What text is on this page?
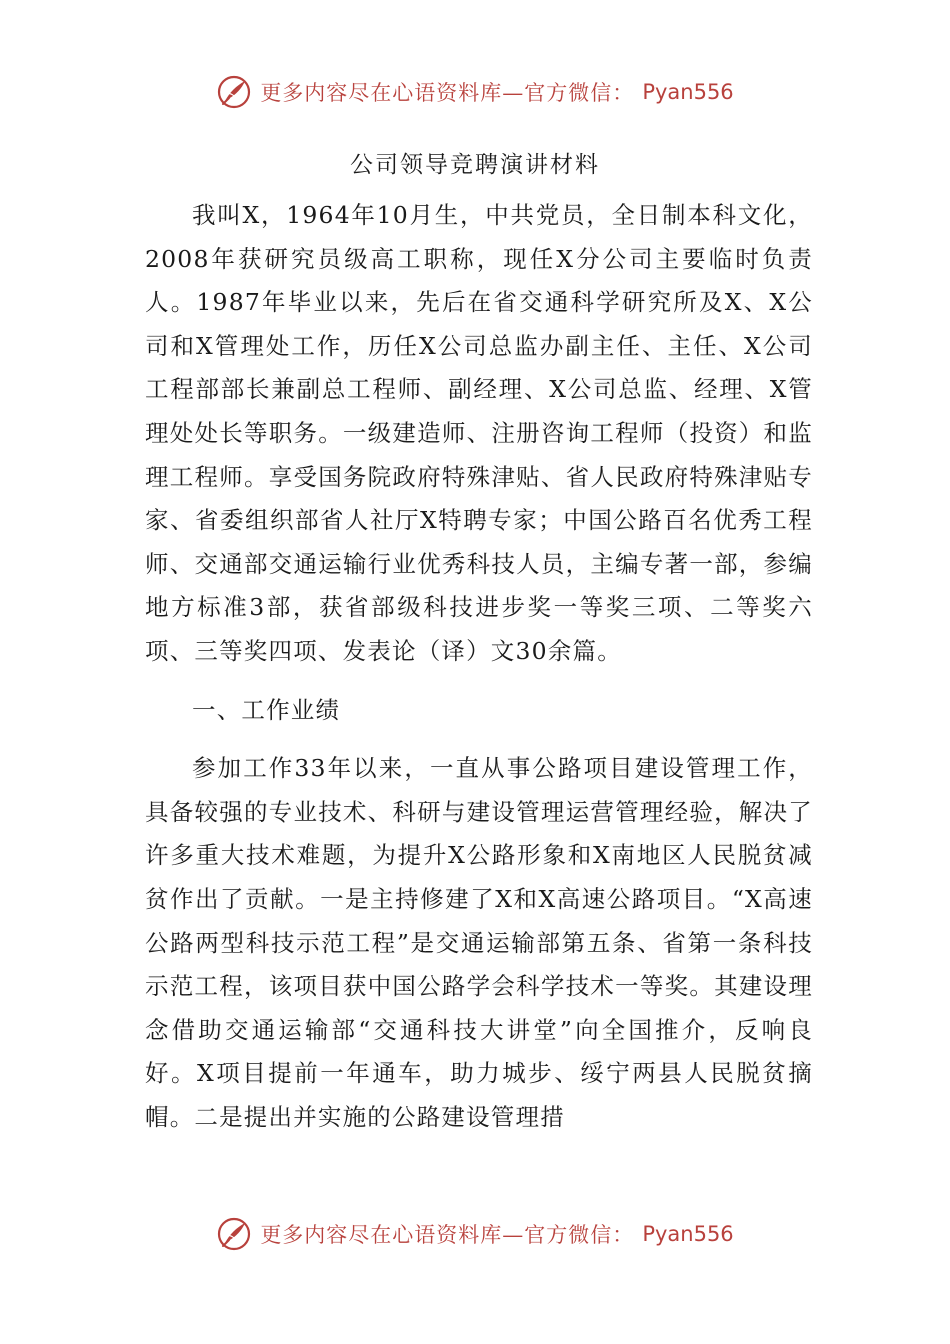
更多内容尽在心语资料库—官方微信： Pyan556
公司领导竞聘演讲材料

我叫X，1964年10月生，中共党员，全日制本科文化，2008年获研究员级高工职称，现任X分公司主要临时负责人。1987年毕业以来，先后在省交通科学研究所及X、X公司和X管理处工作，历任X公司总监办副主任、主任、X公司工程部部长兼副总工程师、副经理、X公司总监、经理、X管理处处长等职务。一级建造师、注册咨询工程师（投资）和监理工程师。享受国务院政府特殊津贴、省人民政府特殊津贴专家、省委组织部省人社厅X特聘专家；中国公路百名优秀工程师、交通部交通运输行业优秀科技人员，主编专著一部，参编地方标准3部，获省部级科技进步奖一等奖三项、二等奖六项、三等奖四项、发表论（译）文30余篇。

一、工作业绩

参加工作33年以来，一直从事公路项目建设管理工作，具备较强的专业技术、科研与建设管理运营管理经验，解决了许多重大技术难题，为提升X公路形象和X南地区人民脱贫减贫作出了贡献。一是主持修建了X和X高速公路项目。“X高速公路两型科技示范工程”是交通运输部第五条、省第一条科技示范工程，该项目获中国公路学会科学技术一等奖。其建设理念借助交通运输部“交通科技大讲堂”向全国推介，反响良好。X项目提前一年通车，助力城步、绥宁两县人民脱贫摘帽。二是提出并实施的公路建设管理措

更多内容尽在心语资料库—官方微信： Pyan556
